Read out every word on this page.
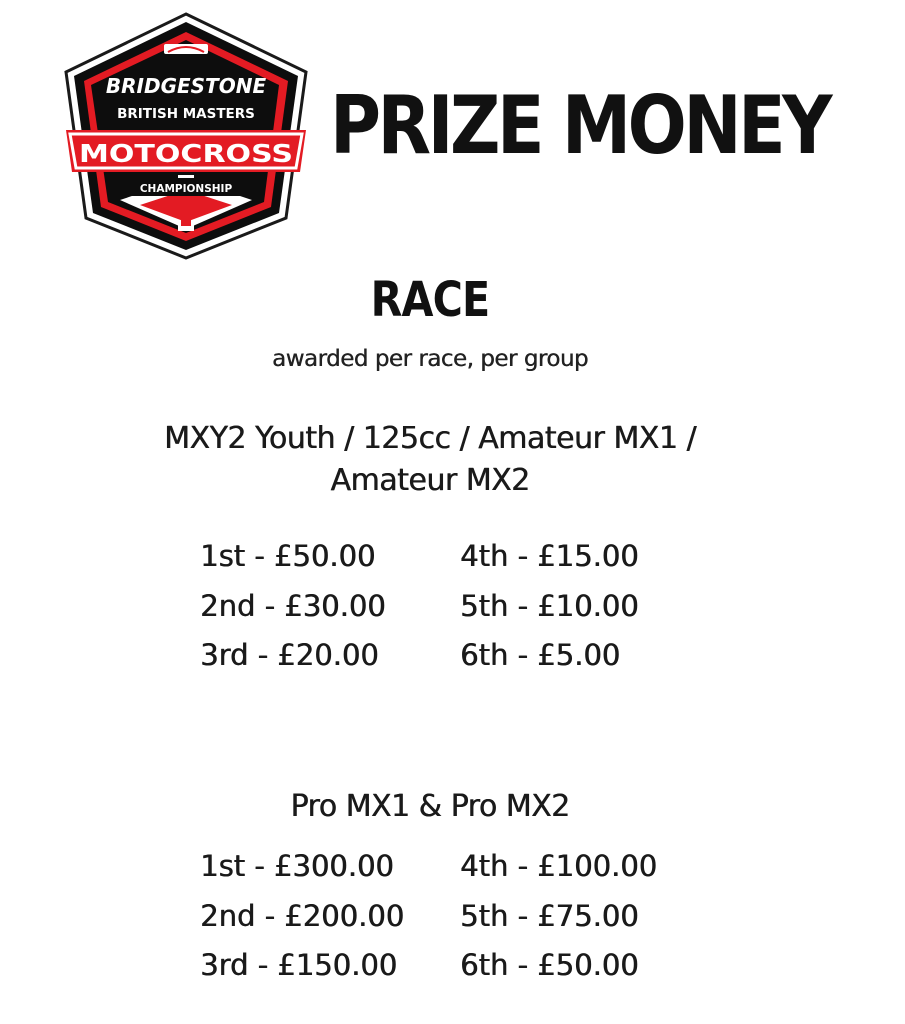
BRIDGESTONE
BRITISH MASTERS
MOTOCROSS
CHAMPIONSHIP
PRIZE MONEY
RACE
awarded per race, per group
MXY2 Youth / 125cc / Amateur MX1 /
Amateur MX2
1st - £50.00
2nd - £30.00
3rd - £20.00
4th - £15.00
5th - £10.00
6th - £5.00
Pro MX1 & Pro MX2
1st - £300.00
2nd - £200.00
3rd - £150.00
4th - £100.00
5th - £75.00
6th - £50.00
